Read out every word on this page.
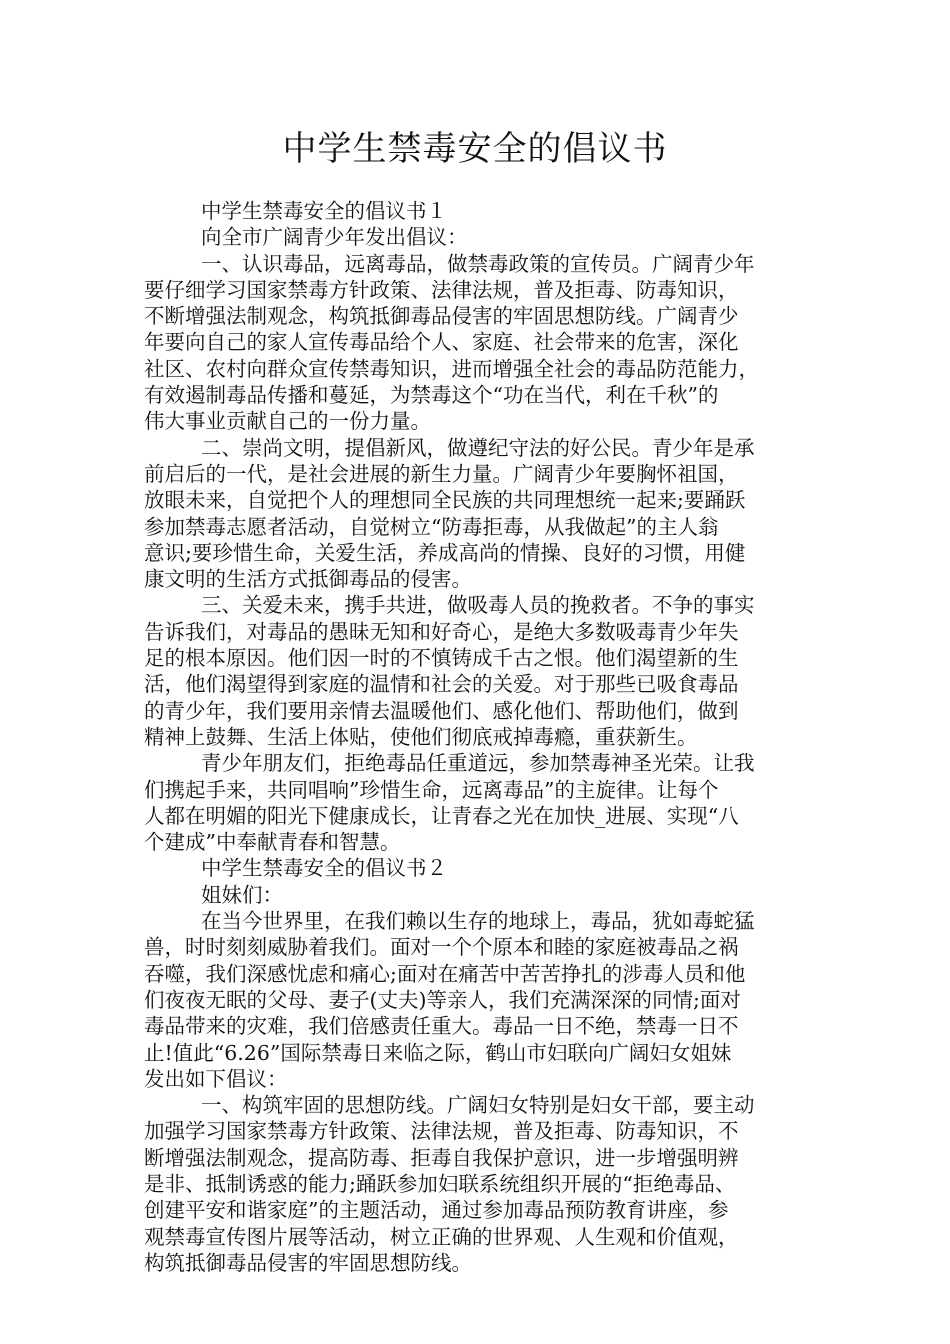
中学生禁毒安全的倡议书
中学生禁毒安全的倡议书１
向全市广阔青少年发出倡议：
一、认识毒品，远离毒品，做禁毒政策的宣传员。广阔青少年
要仔细学习国家禁毒方针政策、法律法规，普及拒毒、防毒知识，
不断增强法制观念，构筑抵御毒品侵害的牢固思想防线。广阔青少
年要向自己的家人宣传毒品给个人、家庭、社会带来的危害，深化
社区、农村向群众宣传禁毒知识，进而增强全社会的毒品防范能力，
有效遏制毒品传播和蔓延，为禁毒这个“功在当代，利在千秋”的
伟大事业贡献自己的一份力量。
二、崇尚文明，提倡新风，做遵纪守法的好公民。青少年是承
前启后的一代，是社会进展的新生力量。广阔青少年要胸怀祖国，
放眼未来，自觉把个人的理想同全民族的共同理想统一起来;要踊跃
参加禁毒志愿者活动，自觉树立“防毒拒毒，从我做起”的主人翁
意识;要珍惜生命，关爱生活，养成高尚的情操、良好的习惯，用健
康文明的生活方式抵御毒品的侵害。
三、关爱未来，携手共进，做吸毒人员的挽救者。不争的事实
告诉我们，对毒品的愚昧无知和好奇心，是绝大多数吸毒青少年失
足的根本原因。他们因一时的不慎铸成千古之恨。他们渴望新的生
活，他们渴望得到家庭的温情和社会的关爱。对于那些已吸食毒品
的青少年，我们要用亲情去温暖他们、感化他们、帮助他们，做到
精神上鼓舞、生活上体贴，使他们彻底戒掉毒瘾，重获新生。
青少年朋友们，拒绝毒品任重道远，参加禁毒神圣光荣。让我
们携起手来，共同唱响”珍惜生命，远离毒品”的主旋律。让每个
人都在明媚的阳光下健康成长，让青春之光在加快_进展、实现“八
个建成”中奉献青春和智慧。
中学生禁毒安全的倡议书２
姐妹们：
在当今世界里，在我们赖以生存的地球上，毒品，犹如毒蛇猛
兽，时时刻刻威胁着我们。面对一个个原本和睦的家庭被毒品之祸
吞噬，我们深感忧虑和痛心;面对在痛苦中苦苦挣扎的涉毒人员和他
们夜夜无眠的父母、妻子(丈夫)等亲人，我们充满深深的同情;面对
毒品带来的灾难，我们倍感责任重大。毒品一日不绝，禁毒一日不
止!值此“6.26”国际禁毒日来临之际，鹤山市妇联向广阔妇女姐妹
发出如下倡议：
一、构筑牢固的思想防线。广阔妇女特别是妇女干部，要主动
加强学习国家禁毒方针政策、法律法规，普及拒毒、防毒知识，不
断增强法制观念，提高防毒、拒毒自我保护意识，进一步增强明辨
是非、抵制诱惑的能力;踊跃参加妇联系统组织开展的“拒绝毒品、
创建平安和谐家庭”的主题活动，通过参加毒品预防教育讲座，参
观禁毒宣传图片展等活动，树立正确的世界观、人生观和价值观，
构筑抵御毒品侵害的牢固思想防线。
